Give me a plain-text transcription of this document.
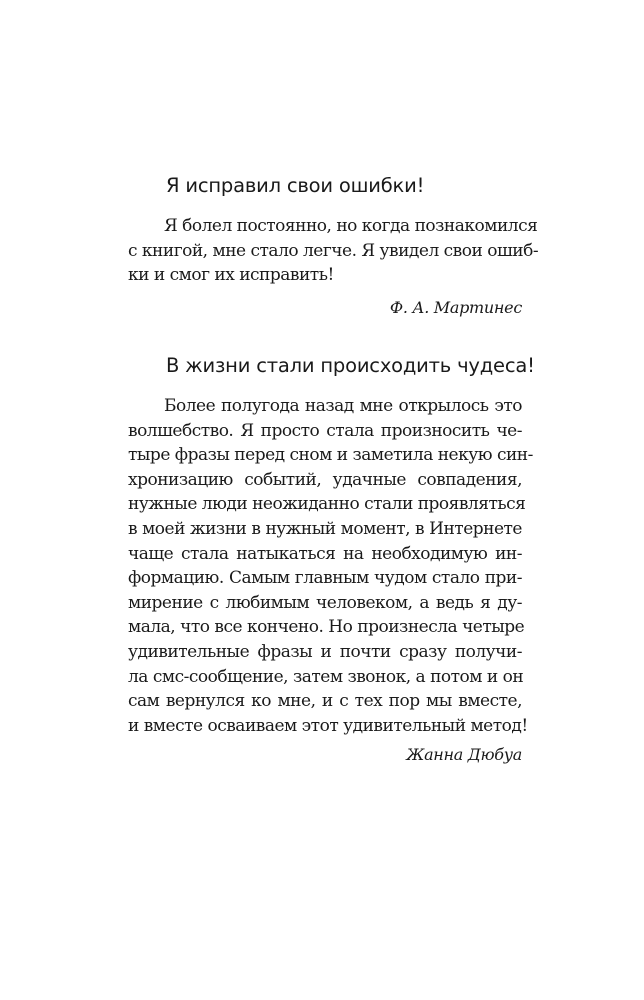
Я исправил свои ошибки!

Я болел постоянно, но когда познакомился
с книгой, мне стало легче. Я увидел свои ошиб-
ки и смог их исправить!

Ф. А. Мартинес
В жизни стали происходить чудеса!

Более полугода назад мне открылось это
волшебство. Я просто стала произносить че-
тыре фразы перед сном и заметила некую син-
хронизацию событий, удачные совпадения,
нужные люди неожиданно стали проявляться
в моей жизни в нужный момент, в Интернете
чаще стала натыкаться на необходимую ин-
формацию. Самым главным чудом стало при-
мирение с любимым человеком, а ведь я ду-
мала, что все кончено. Но произнесла четыре
удивительные фразы и почти сразу получи-
ла смс-сообщение, затем звонок, а потом и он
сам вернулся ко мне, и с тех пор мы вместе,
и вместе осваиваем этот удивительный метод!

Жанна Дюбуа
